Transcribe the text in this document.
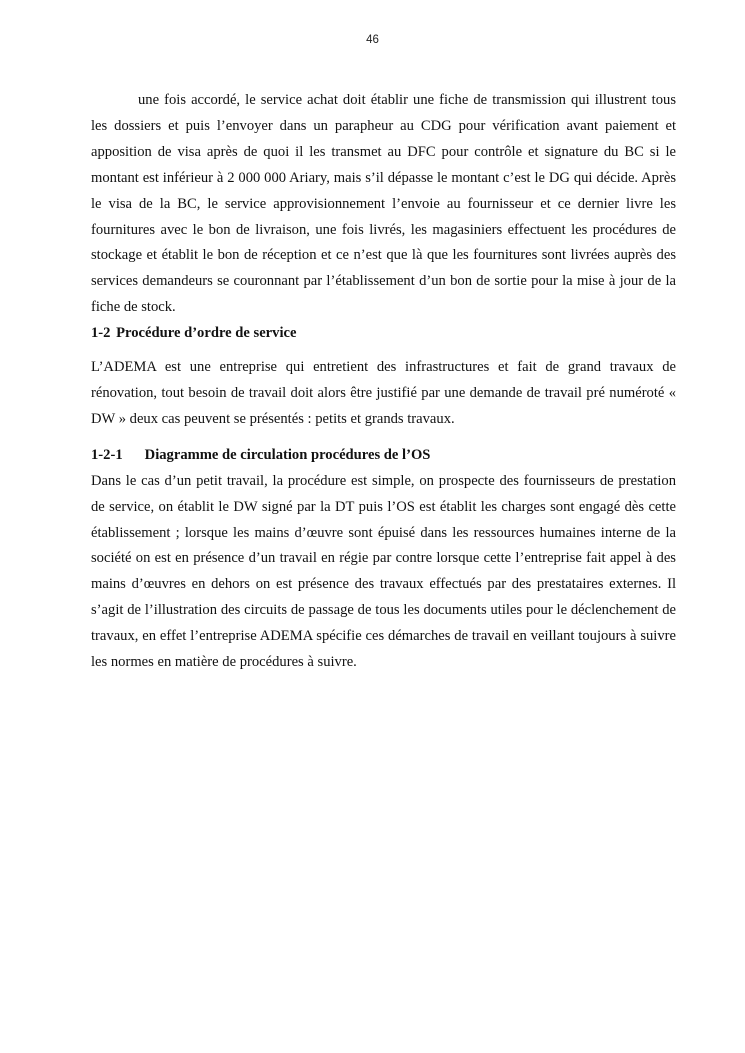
46

une fois accordé, le service achat doit établir une fiche de transmission qui illustrent tous les dossiers et puis l’envoyer dans un parapheur au CDG pour vérification avant paiement et apposition de visa après de quoi il les transmet au DFC pour contrôle et signature du BC si le montant est inférieur à 2 000 000 Ariary, mais s’il dépasse le montant c’est le DG qui décide. Après le visa de la BC, le service approvisionnement l’envoie au fournisseur et ce dernier livre les fournitures avec le bon de livraison, une fois livrés, les magasiniers effectuent les procédures de stockage et établit le bon de réception et ce n’est que là que les fournitures sont livrées auprès des services demandeurs se couronnant par l’établissement d’un bon de sortie pour la mise à jour de la fiche de stock.

1-2 Procédure d’ordre de service

L’ADEMA est une entreprise qui entretient des infrastructures et fait de grand travaux de rénovation, tout besoin de travail doit alors être justifié par une demande de travail pré numéroté « DW » deux cas peuvent se présentés : petits et grands travaux.

1-2-1 Diagramme de circulation procédures de l’OS

Dans le cas d’un petit travail, la procédure est simple, on prospecte des fournisseurs de prestation de service, on établit le DW signé par la DT puis l’OS est établit les charges sont engagé dès cette établissement ; lorsque les mains d’œuvre sont épuisé dans les ressources humaines interne de la société on est en présence d’un travail en régie par contre lorsque cette l’entreprise fait appel à des mains d’œuvres en dehors on est présence des travaux effectués par des prestataires externes. Il s’agit de l’illustration des circuits de passage de tous les documents utiles pour le déclenchement de travaux, en effet l’entreprise ADEMA spécifie ces démarches de travail en veillant toujours à suivre les normes en matière de procédures à suivre.
